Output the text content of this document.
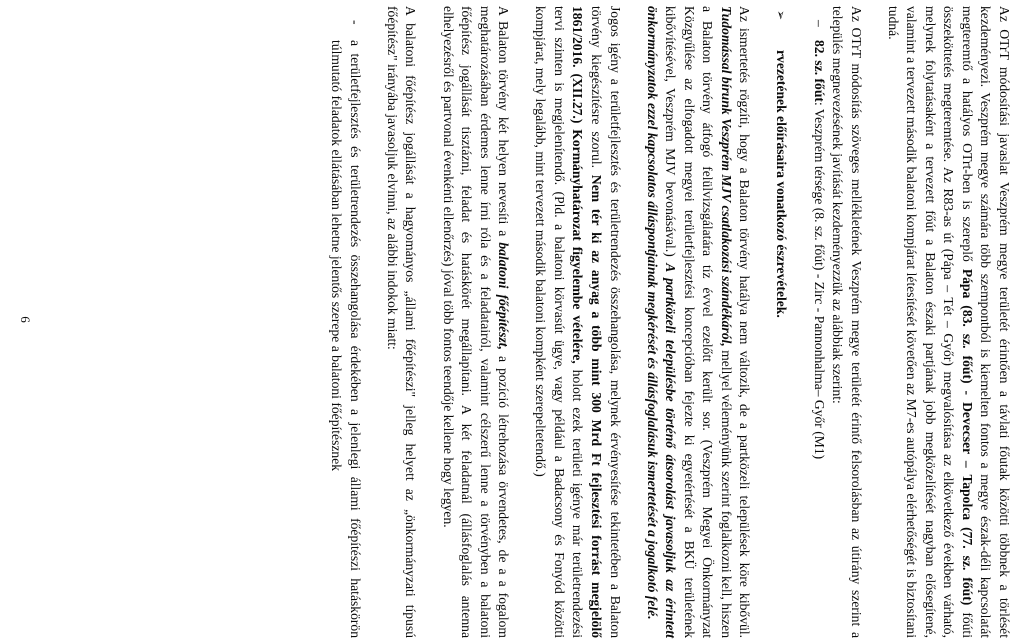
Az OTrT módosítási javaslat Veszprém megye területét érintően a távlati főutak közötti többnek a törlését kezdeményezi. Veszprém megye számára több szempontból is kiemelten fontos a megye észak-déli kapcsolatát megteremtő a hatályos OTrt-ben is szereplő Pápa (83. sz. főút) - Devecser – Tapolca (77. sz. főút) főúti összeköttetés megteremtése. Az R83-as út (Pápa – Tét – Győr) megvalósítása az elkövetkező években várható, melynek folytatásaként a tervezett főút a Balaton északi partjának jobb megközelítését nagyban elősegítené, valamint a tervezett második balatoni kompjárat létesítését követően az M7-es autópálya elérhetőségét is biztosítani tudná.

Az OTrT módosítás szöveges mellékletének Veszprém megye területét érintő felsorolásban az útirány szerint a település megnevezésének javítását kezdeményezzük az alábbiak szerint:

–
82. sz. főút: Veszprém térsége (8. sz. főút) - Zirc - Pannonhalma– Győr (M1)
➢
rvezetének előírásaira vonatkozó észrevételek.

Az ismertetés rögzíti, hogy a Balaton törvény hatálya nem változik, de a partközeli települések köre kibővül. Tudomással bírunk Veszprém MJV csatlakozási szándékáról, mellyel véleményünk szerint foglalkozni kell, hiszen a Balaton törvény átfogó felülvizsgálatára tíz évvel ezelőtt került sor. (Veszprém Megyei Önkormányzat Közgyűlése az elfogadott megyei területfejlesztési koncepcióban fejezte ki egyetértését a BKÜ területének kibővítésével, Veszprém MJV bevonásával.) A partközeli településbe történő átsorolást javasoljuk az érintett önkormányzatok ezzel kapcsolatos álláspontjainak megkérését és állásfoglalásuk ismertetését a jogalkotó felé.

Jogos igény a területfejlesztés és területrendezés összehangolása, melynek érvényesítése tekintetében a Balaton törvény kiegészítésre szorul. Nem tér ki az anyag a több mint 300 Mrd Ft fejlesztési forrást megjelölő 1861/2016. (XII.27.) Kormányhatározat figyelembe vételére, holott ezek területi igénye már területrendezési tervi szinten is megjelenítendő. (Pld. a balatoni körvasút ügye, vagy például a Badacsony és Fonyód közötti kompjárat, mely legalább, mint tervezett második balatoni kompként szerepeltetendő.)

A Balaton törvény két helyen nevesíti a balatoni főépítészt, a pozíció létrehozása örvendetes, de a a fogalom meghatározásában érdemes lenne írni róla és a feladatairól, valamint célszerű lenne a törvényben a balatoni főépítész jogállását tisztázni, feladat és hatáskörét megállapítani. A két feladatnál (állásfoglalás antenna elhelyezésről és partvonal évenkénti ellenőrzés) jóval több fontos teendője kellene hogy legyen.

A balatoni főépítész jogállását a hagyományos „állami főépítészi" jelleg helyett az „önkormányzati típusú főépítész" irányába javasoljuk elvinni, az alábbi indokok miatt:

-
a területfejlesztés és területrendezés összehangolása érdekében a jelenlegi állami főépítészi hatáskörön túlmutató feladatok ellátásában lehetne jelentős szerepe a balatoni főépítésznek
6
